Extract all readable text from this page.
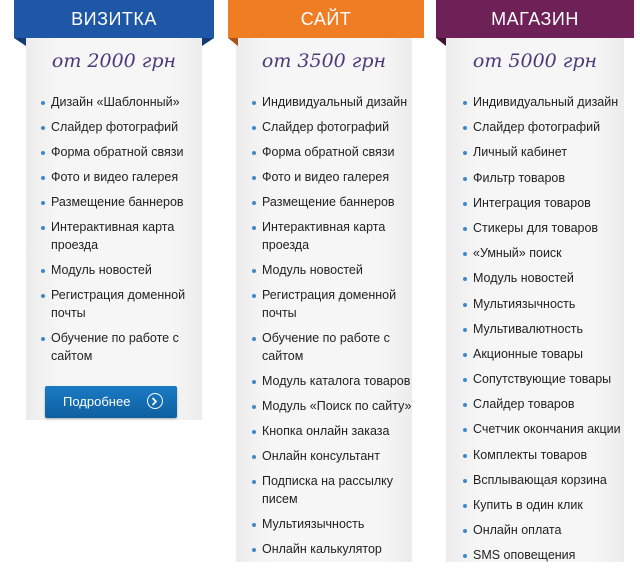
ВИЗИТКА
от 2000 грн
Дизайн «Шаблонный»
Слайдер фотографий
Форма обратной связи
Фото и видео галерея
Размещение баннеров
Интерактивная карта
проезда
Модуль новостей
Регистрация доменной
почты
Обучение по работе с
сайтом
Подробнее
САЙТ
от 3500 грн
Индивидуальный дизайн
Слайдер фотографий
Форма обратной связи
Фото и видео галерея
Размещение баннеров
Интерактивная карта
проезда
Модуль новостей
Регистрация доменной
почты
Обучение по работе с
сайтом
Модуль каталога товаров
Модуль «Поиск по сайту»
Кнопка онлайн заказа
Онлайн консультант
Подписка на рассылку
писем
Мультиязычность
Онлайн калькулятор
МАГАЗИН
от 5000 грн
Индивидуальный дизайн
Слайдер фотографий
Личный кабинет
Фильтр товаров
Интеграция товаров
Стикеры для товаров
«Умный» поиск
Модуль новостей
Мультиязычность
Мультивалютность
Акционные товары
Сопутствующие товары
Слайдер товаров
Счетчик окончания акции
Комплекты товаров
Всплывающая корзина
Купить в один клик
Онлайн оплата
SMS оповещения
